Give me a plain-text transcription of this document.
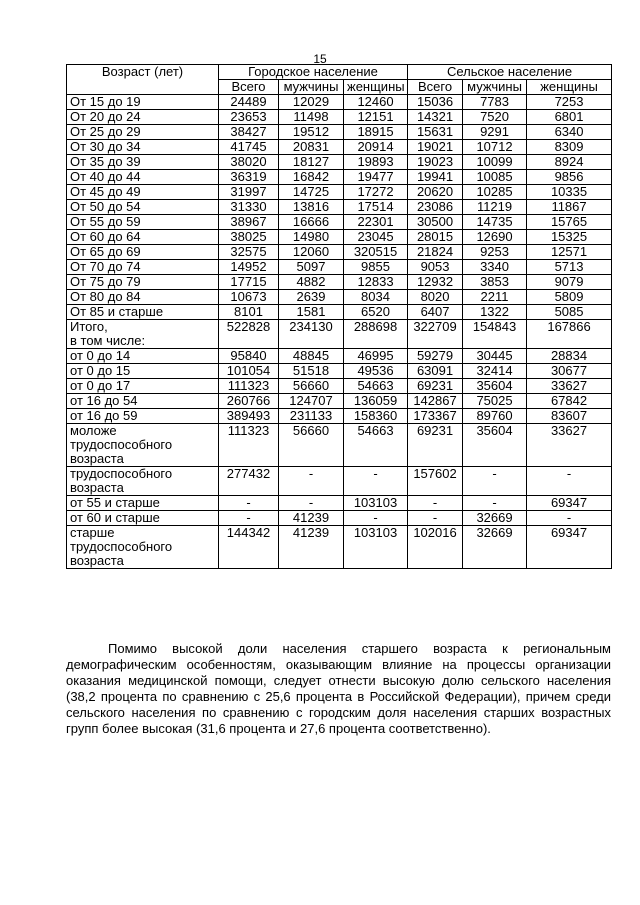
15
Возраст (лет)	Городское население			Сельское население		
	Всего	мужчины	женщины	Всего	мужчины	женщины
От 15 до 19	24489	12029	12460	15036	7783	7253
От 20 до 24	23653	11498	12151	14321	7520	6801
От 25 до 29	38427	19512	18915	15631	9291	6340
От 30 до 34	41745	20831	20914	19021	10712	8309
От 35 до 39	38020	18127	19893	19023	10099	8924
От 40 до 44	36319	16842	19477	19941	10085	9856
От 45 до 49	31997	14725	17272	20620	10285	10335
От 50 до 54	31330	13816	17514	23086	11219	11867
От 55 до 59	38967	16666	22301	30500	14735	15765
От 60 до 64	38025	14980	23045	28015	12690	15325
От 65 до 69	32575	12060	320515	21824	9253	12571
От 70 до 74	14952	5097	9855	9053	3340	5713
От 75 до 79	17715	4882	12833	12932	3853	9079
От 80 до 84	10673	2639	8034	8020	2211	5809
От 85 и старше	8101	1581	6520	6407	1322	5085
Итого,
в том числе:	522828	234130	288698	322709	154843	167866
от 0 до 14	95840	48845	46995	59279	30445	28834
от 0 до 15	101054	51518	49536	63091	32414	30677
от 0 до 17	111323	56660	54663	69231	35604	33627
от 16 до 54	260766	124707	136059	142867	75025	67842
от 16 до 59	389493	231133	158360	173367	89760	83607
моложе
трудоспособного
возраста	111323	56660	54663	69231	35604	33627
трудоспособного
возраста	277432	-	-	157602	-	-
от 55 и старше	-	-	103103	-	-	69347
от 60 и старше	-	41239	-	-	32669	-
старше
трудоспособного
возраста	144342	41239	103103	102016	32669	69347

Помимо высокой доли населения старшего возраста к региональным демографическим особенностям, оказывающим влияние на процессы организации оказания медицинской помощи, следует отнести высокую долю сельского населения (38,2 процента по сравнению с 25,6 процента в Российской Федерации), причем среди сельского населения по сравнению с городским доля населения старших возрастных групп более высокая (31,6 процента и 27,6 процента соответственно).
